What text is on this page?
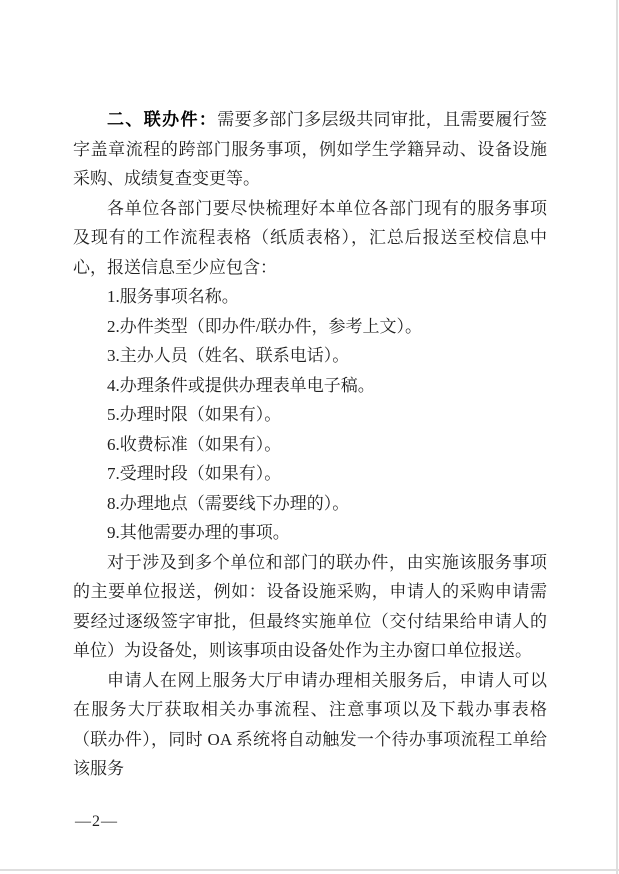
二、联办件：需要多部门多层级共同审批，且需要履行签字盖章流程的跨部门服务事项，例如学生学籍异动、设备设施采购、成绩复查变更等。

各单位各部门要尽快梳理好本单位各部门现有的服务事项及现有的工作流程表格（纸质表格），汇总后报送至校信息中心，报送信息至少应包含：

1.服务事项名称。
2.办件类型（即办件/联办件，参考上文）。
3.主办人员（姓名、联系电话）。
4.办理条件或提供办理表单电子稿。
5.办理时限（如果有）。
6.收费标准（如果有）。
7.受理时段（如果有）。
8.办理地点（需要线下办理的）。
9.其他需要办理的事项。

对于涉及到多个单位和部门的联办件，由实施该服务事项的主要单位报送，例如：设备设施采购，申请人的采购申请需要经过逐级签字审批，但最终实施单位（交付结果给申请人的单位）为设备处，则该事项由设备处作为主办窗口单位报送。

申请人在网上服务大厅申请办理相关服务后，申请人可以在服务大厅获取相关办事流程、注意事项以及下载办事表格（联办件），同时 OA 系统将自动触发一个待办事项流程工单给该服务

—2—
